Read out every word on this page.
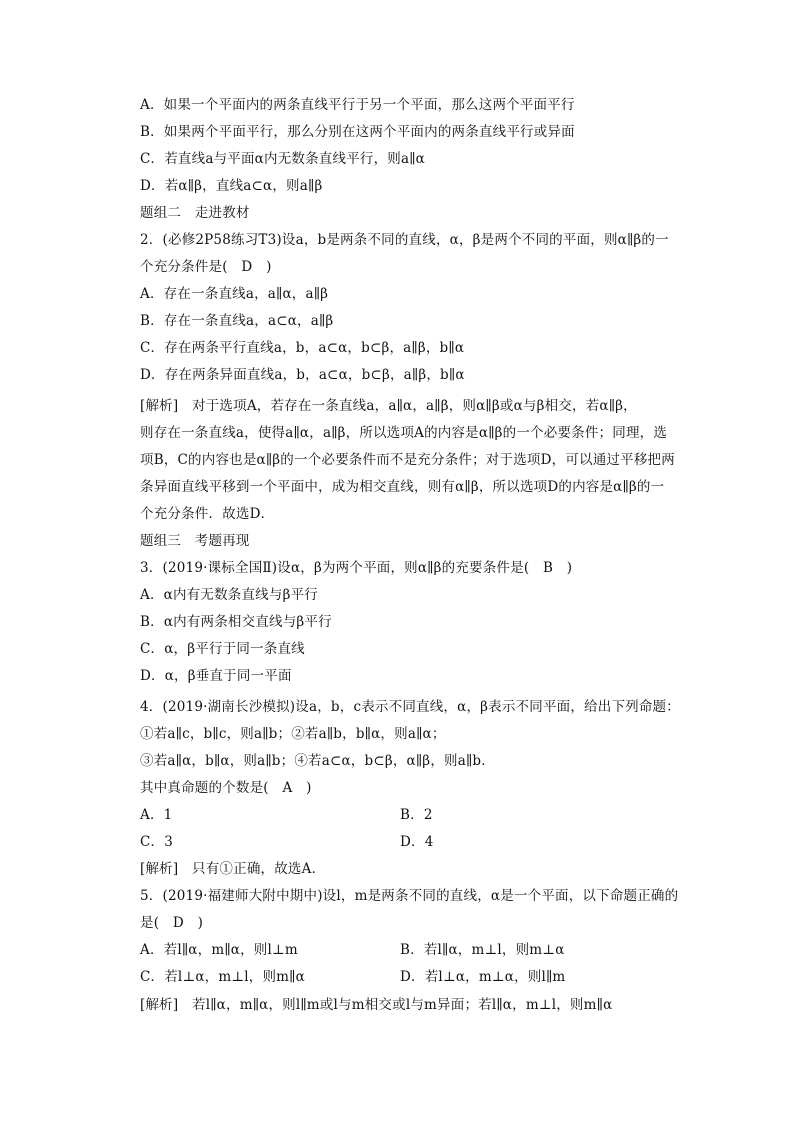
A．如果一个平面内的两条直线平行于另一个平面，那么这两个平面平行
B．如果两个平面平行，那么分别在这两个平面内的两条直线平行或异面
C．若直线a与平面α内无数条直线平行，则a∥α
D．若α∥β，直线a⊂α，则a∥β
题组二　走进教材
2．(必修2P58练习T3)设a，b是两条不同的直线，α，β是两个不同的平面，则α∥β的一
个充分条件是(　D　)
A．存在一条直线a，a∥α，a∥β
B．存在一条直线a，a⊂α，a∥β
C．存在两条平行直线a，b，a⊂α，b⊂β，a∥β，b∥α
D．存在两条异面直线a，b，a⊂α，b⊂β，a∥β，b∥α
[解析]　对于选项A，若存在一条直线a，a∥α，a∥β，则α∥β或α与β相交，若α∥β，
则存在一条直线a，使得a∥α，a∥β，所以选项A的内容是α∥β的一个必要条件；同理，选
项B，C的内容也是α∥β的一个必要条件而不是充分条件；对于选项D，可以通过平移把两
条异面直线平移到一个平面中，成为相交直线，则有α∥β，所以选项D的内容是α∥β的一
个充分条件．故选D．
题组三　考题再现
3．(2019·课标全国Ⅱ)设α，β为两个平面，则α∥β的充要条件是(　B　)
A．α内有无数条直线与β平行
B．α内有两条相交直线与β平行
C．α，β平行于同一条直线
D．α，β垂直于同一平面
4．(2019·湖南长沙模拟)设a，b，c表示不同直线，α，β表示不同平面，给出下列命题：
①若a∥c，b∥c，则a∥b；②若a∥b，b∥α，则a∥α；
③若a∥α，b∥α，则a∥b；④若a⊂α，b⊂β，α∥β，则a∥b．
其中真命题的个数是(　A　)
[解析]　只有①正确，故选A．
5．(2019·福建师大附中期中)设l，m是两条不同的直线，α是一个平面，以下命题正确的
是(　D　)
[解析]　若l∥α，m∥α，则l∥m或l与m相交或l与m异面；若l∥α，m⊥l，则m∥α
A．1	B．2
C．3	D．4
A．若l∥α，m∥α，则l⊥m	B．若l∥α，m⊥l，则m⊥α
C．若l⊥α，m⊥l，则m∥α	D．若l⊥α，m⊥α，则l∥m
